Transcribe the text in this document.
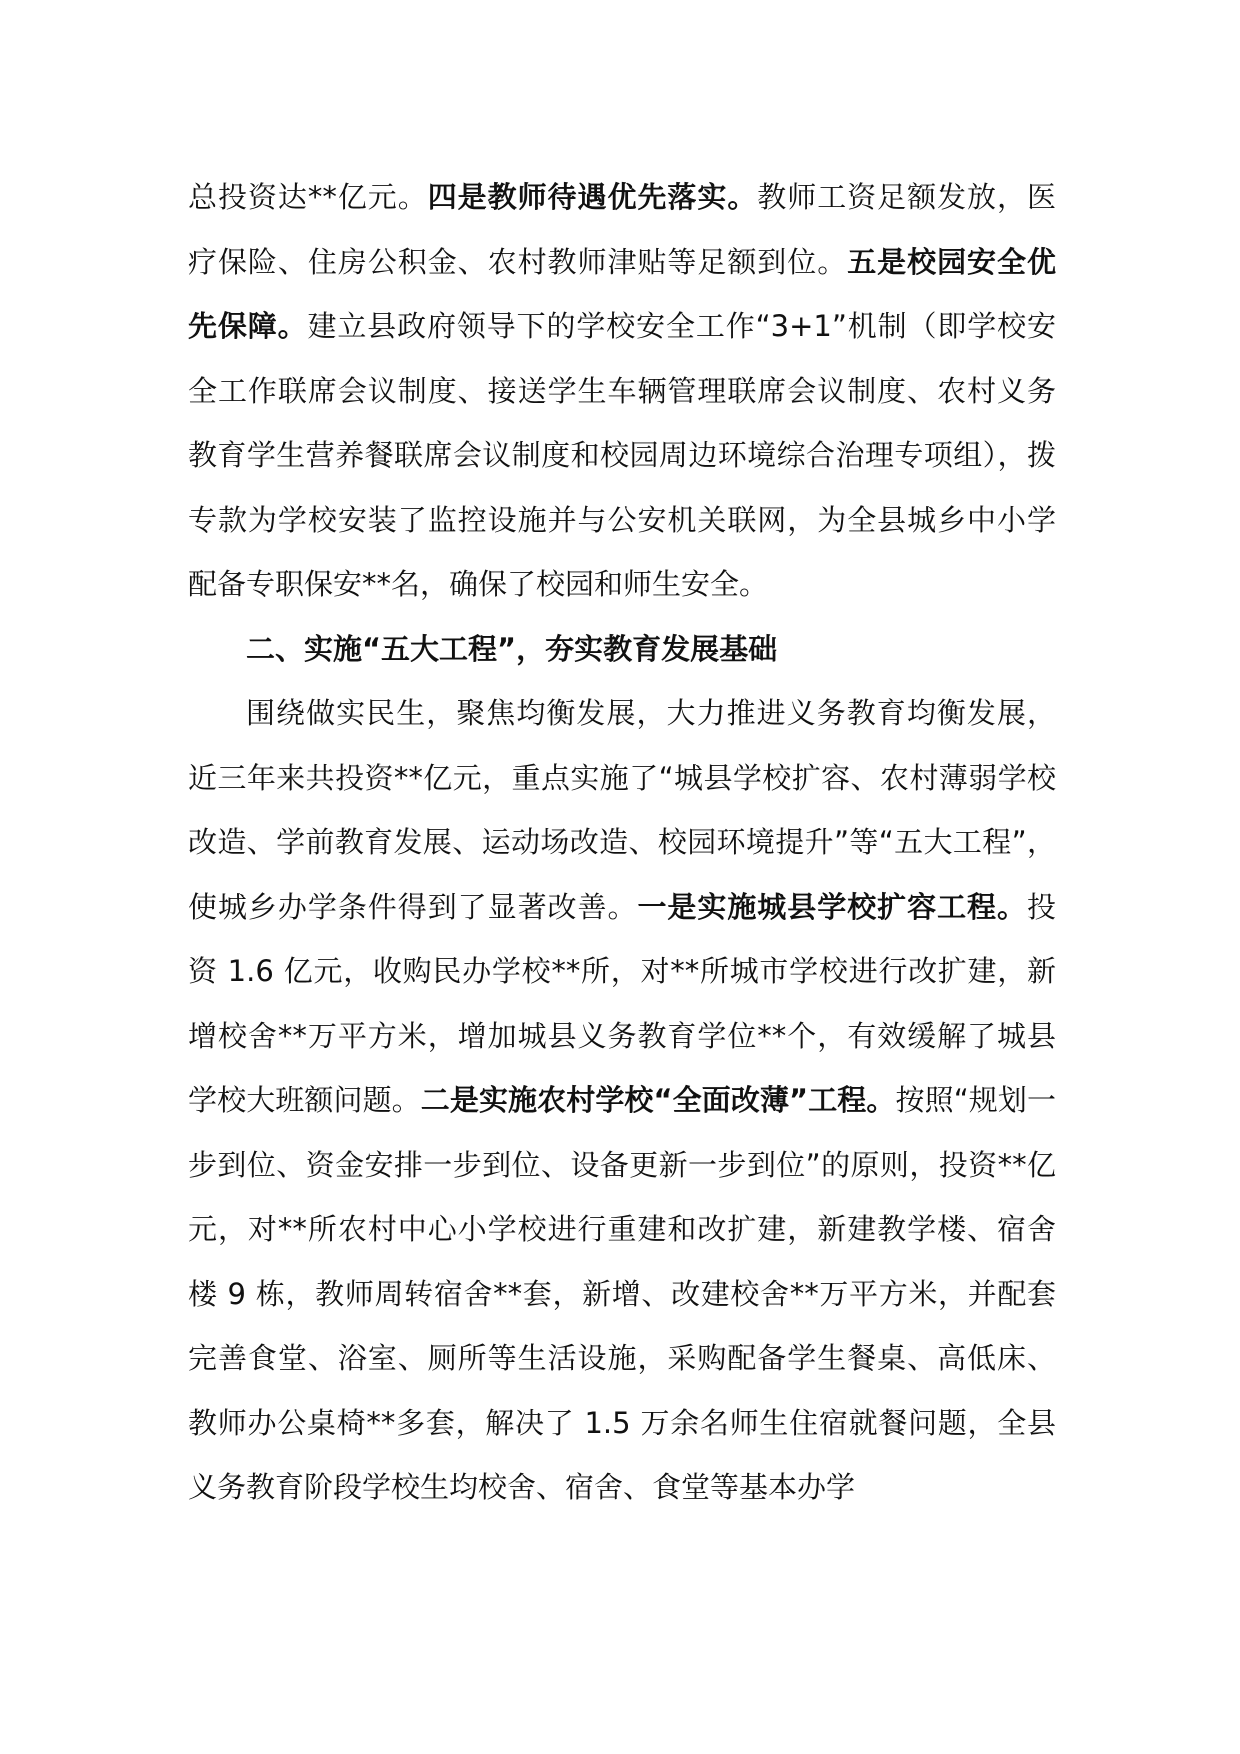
总投资达**亿元。四是教师待遇优先落实。教师工资足额发放，医疗保险、住房公积金、农村教师津贴等足额到位。五是校园安全优先保障。建立县政府领导下的学校安全工作“3+1”机制（即学校安全工作联席会议制度、接送学生车辆管理联席会议制度、农村义务教育学生营养餐联席会议制度和校园周边环境综合治理专项组），拨专款为学校安装了监控设施并与公安机关联网，为全县城乡中小学配备专职保安**名，确保了校园和师生安全。

二、实施“五大工程”，夯实教育发展基础

围绕做实民生，聚焦均衡发展，大力推进义务教育均衡发展，近三年来共投资**亿元，重点实施了“城县学校扩容、农村薄弱学校改造、学前教育发展、运动场改造、校园环境提升”等“五大工程”，使城乡办学条件得到了显著改善。一是实施城县学校扩容工程。投资 1.6 亿元，收购民办学校**所，对**所城市学校进行改扩建，新增校舍**万平方米，增加城县义务教育学位**个，有效缓解了城县学校大班额问题。二是实施农村学校“全面改薄”工程。按照“规划一步到位、资金安排一步到位、设备更新一步到位”的原则，投资**亿元，对**所农村中心小学校进行重建和改扩建，新建教学楼、宿舍楼 9 栋，教师周转宿舍**套，新增、改建校舍**万平方米，并配套完善食堂、浴室、厕所等生活设施，采购配备学生餐桌、高低床、教师办公桌椅**多套，解决了 1.5 万余名师生住宿就餐问题，全县义务教育阶段学校生均校舍、宿舍、食堂等基本办学
